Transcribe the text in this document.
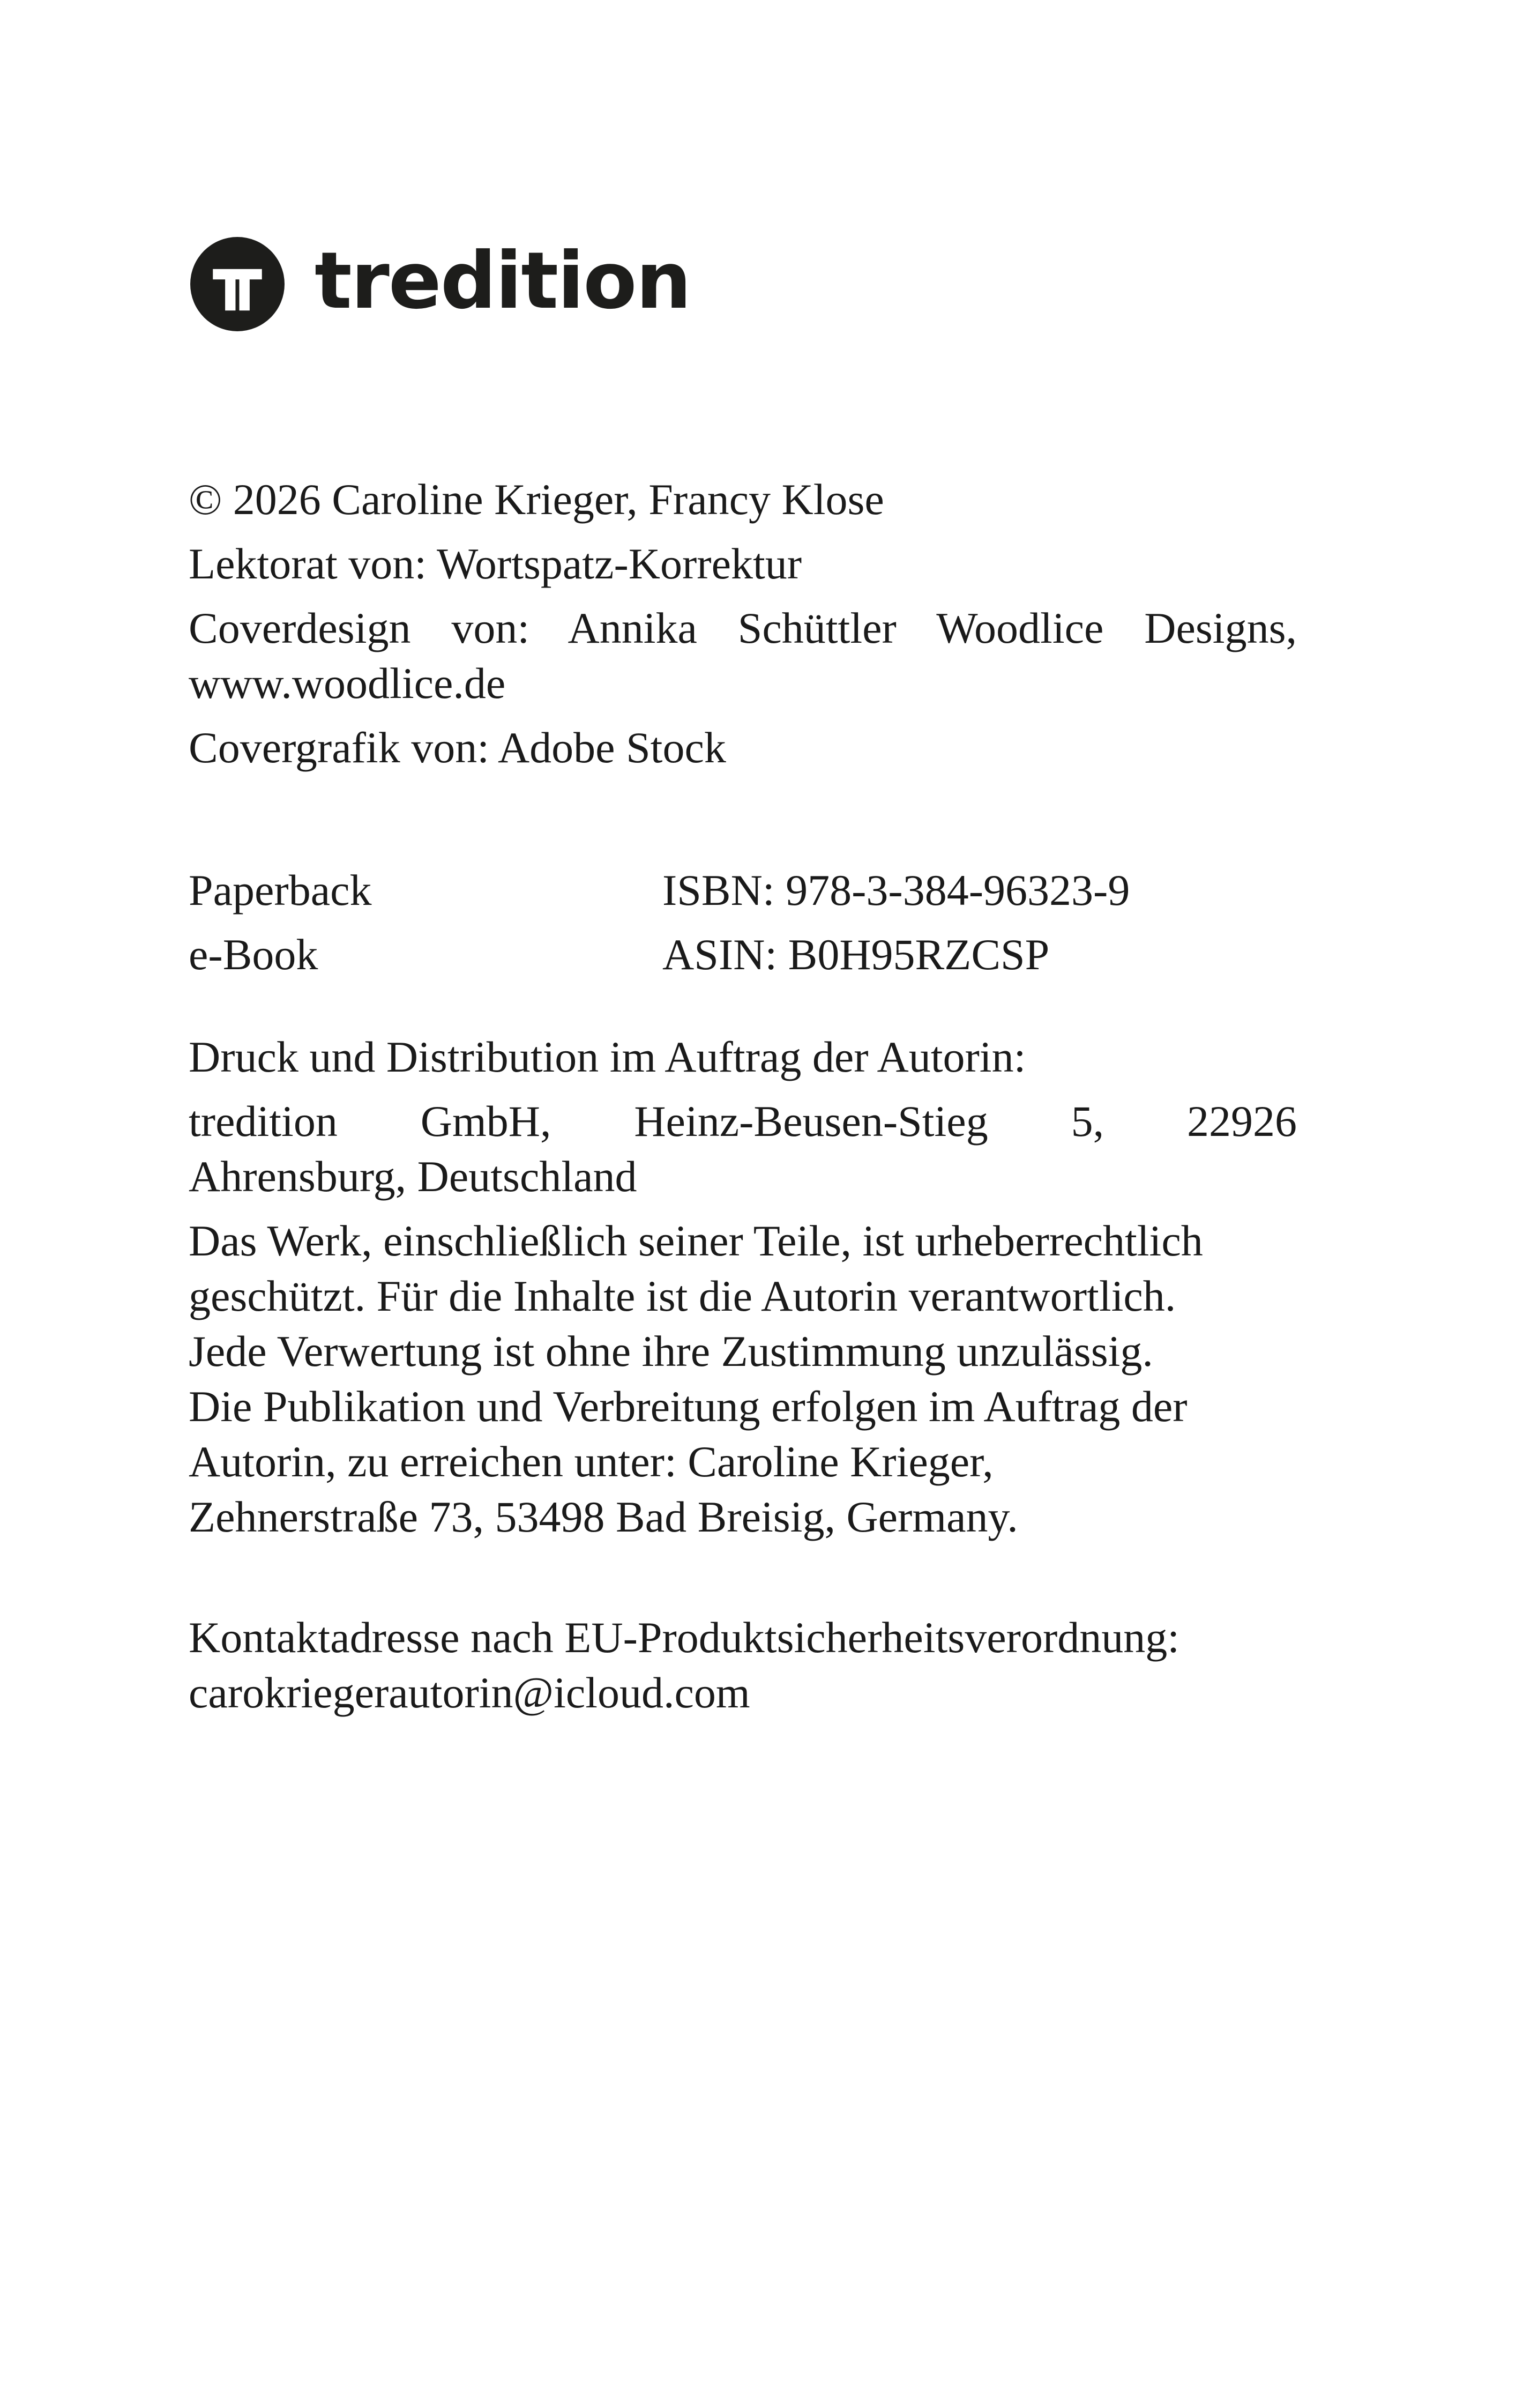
tredition
© 2026 Caroline Krieger, Francy Klose
Lektorat von: Wortspatz-Korrektur
Coverdesign von: Annika Schüttler Woodlice Designs,
www.woodlice.de
Covergrafik von: Adobe Stock
Paperback	ISBN: 978-3-384-96323-9
e-Book	ASIN: B0H95RZCSP
Druck und Distribution im Auftrag der Autorin:
tredition GmbH, Heinz-Beusen-Stieg 5, 22926
Ahrensburg, Deutschland
Das Werk, einschließlich seiner Teile, ist urheberrechtlich
geschützt. Für die Inhalte ist die Autorin verantwortlich.
Jede Verwertung ist ohne ihre Zustimmung unzulässig.
Die Publikation und Verbreitung erfolgen im Auftrag der
Autorin, zu erreichen unter: Caroline Krieger,
Zehnerstraße 73, 53498 Bad Breisig, Germany.
Kontaktadresse nach EU-Produktsicherheitsverordnung:
carokriegerautorin@icloud.com
